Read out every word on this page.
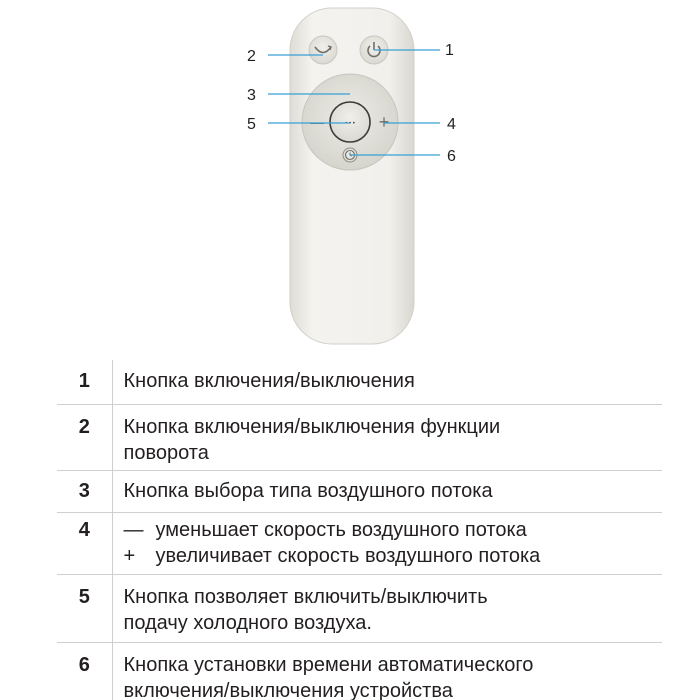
—	+
• • •
1
2
3
4
5
6
1	Кнопка включения/выключения

2	Кнопка включения/выключения функции
поворота

3	Кнопка выбора типа воздушного потока

4	— уменьшает скорость воздушного потока
+ увеличивает скорость воздушного потока

5	Кнопка позволяет включить/выключить
подачу холодного воздуха.

6	Кнопка установки времени автоматического
включения/выключения устройства
